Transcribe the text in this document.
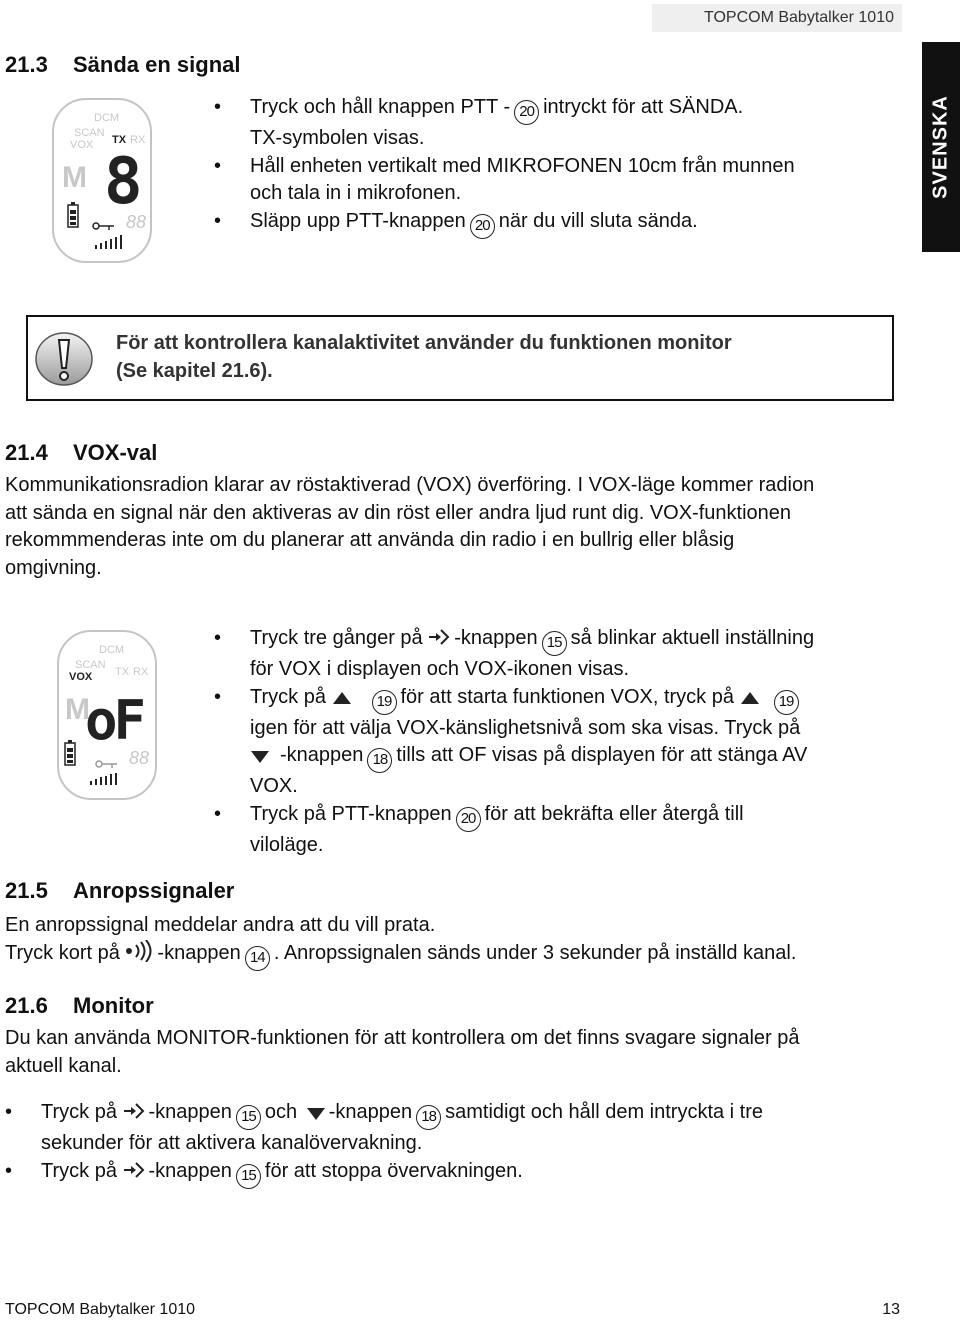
TOPCOM Babytalker 1010
SVENSKA
21.3 Sända en signal
DCM
SCAN
VOX TX RX
M
88
8
• Tryck och håll knappen PTT - 20 intryckt för att SÄNDA.
TX-symbolen visas.
• Håll enheten vertikalt med MIKROFONEN 10cm från munnen
och tala in i mikrofonen.
• Släpp upp PTT-knappen 20 när du vill sluta sända.
För att kontrollera kanalaktivitet använder du funktionen monitor
(Se kapitel 21.6).
21.4 VOX-val
Kommunikationsradion klarar av röstaktiverad (VOX) överföring. I VOX-läge kommer radion
att sända en signal när den aktiveras av din röst eller andra ljud runt dig. VOX-funktionen
rekommmenderas inte om du planerar att använda din radio i en bullrig eller blåsig
omgivning.
DCM
SCAN
VOX TX RX
M
88
oF
• Tryck tre gånger på -knappen 15 så blinkar aktuell inställning
för VOX i displayen och VOX-ikonen visas.
• Tryck på	19 för att starta funktionen VOX, tryck på	19
igen för att välja VOX-känslighetsnivå som ska visas. Tryck på
-knappen 18 tills att OF visas på displayen för att stänga AV
VOX.
• Tryck på PTT-knappen 20 för att bekräfta eller återgå till
viloläge.
21.5 Anropssignaler
En anropssignal meddelar andra att du vill prata.
Tryck kort på -knappen 14 . Anropssignalen sänds under 3 sekunder på inställd kanal.
21.6 Monitor
Du kan använda MONITOR-funktionen för att kontrollera om det finns svagare signaler på
aktuell kanal.
• Tryck på -knappen 15 och -knappen 18 samtidigt och håll dem intryckta i tre
sekunder för att aktivera kanalövervakning.
• Tryck på -knappen 15 för att stoppa övervakningen.
TOPCOM Babytalker 1010	13
